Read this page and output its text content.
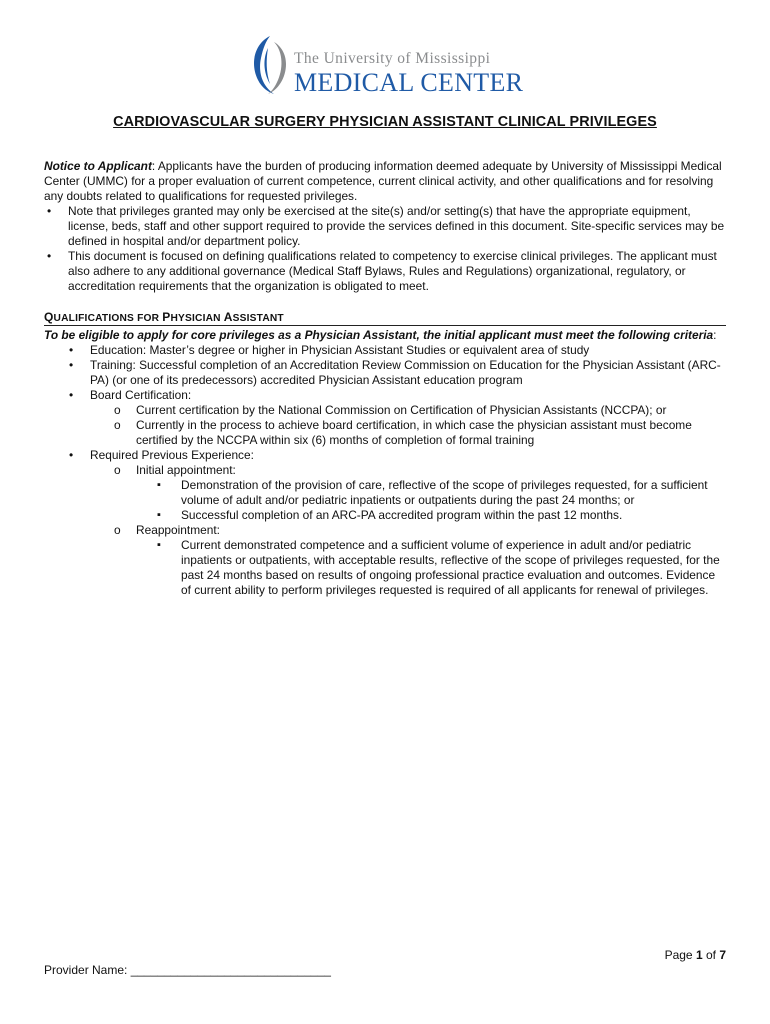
The University of Mississippi
MEDICAL CENTER
CARDIOVASCULAR SURGERY PHYSICIAN ASSISTANT CLINICAL PRIVILEGES
Notice to Applicant: Applicants have the burden of producing information deemed adequate by University of Mississippi Medical Center (UMMC) for a proper evaluation of current competence, current clinical activity, and other qualifications and for resolving any doubts related to qualifications for requested privileges.
• Note that privileges granted may only be exercised at the site(s) and/or setting(s) that have the appropriate equipment, license, beds, staff and other support required to provide the services defined in this document. Site-specific services may be defined in hospital and/or department policy.
• This document is focused on defining qualifications related to competency to exercise clinical privileges. The applicant must also adhere to any additional governance (Medical Staff Bylaws, Rules and Regulations) organizational, regulatory, or accreditation requirements that the organization is obligated to meet.
QUALIFICATIONS FOR PHYSICIAN ASSISTANT
To be eligible to apply for core privileges as a Physician Assistant, the initial applicant must meet the following criteria:
• Education: Master’s degree or higher in Physician Assistant Studies or equivalent area of study
• Training: Successful completion of an Accreditation Review Commission on Education for the Physician Assistant (ARC-PA) (or one of its predecessors) accredited Physician Assistant education program
• Board Certification:
o Current certification by the National Commission on Certification of Physician Assistants (NCCPA); or
o Currently in the process to achieve board certification, in which case the physician assistant must become certified by the NCCPA within six (6) months of completion of formal training
• Required Previous Experience:
o Initial appointment:
▪ Demonstration of the provision of care, reflective of the scope of privileges requested, for a sufficient volume of adult and/or pediatric inpatients or outpatients during the past 24 months; or
▪ Successful completion of an ARC-PA accredited program within the past 12 months.
o Reappointment:
▪ Current demonstrated competence and a sufficient volume of experience in adult and/or pediatric inpatients or outpatients, with acceptable results, reflective of the scope of privileges requested, for the past 24 months based on results of ongoing professional practice evaluation and outcomes. Evidence of current ability to perform privileges requested is required of all applicants for renewal of privileges.
Page 1 of 7
Provider Name: ______________________________
